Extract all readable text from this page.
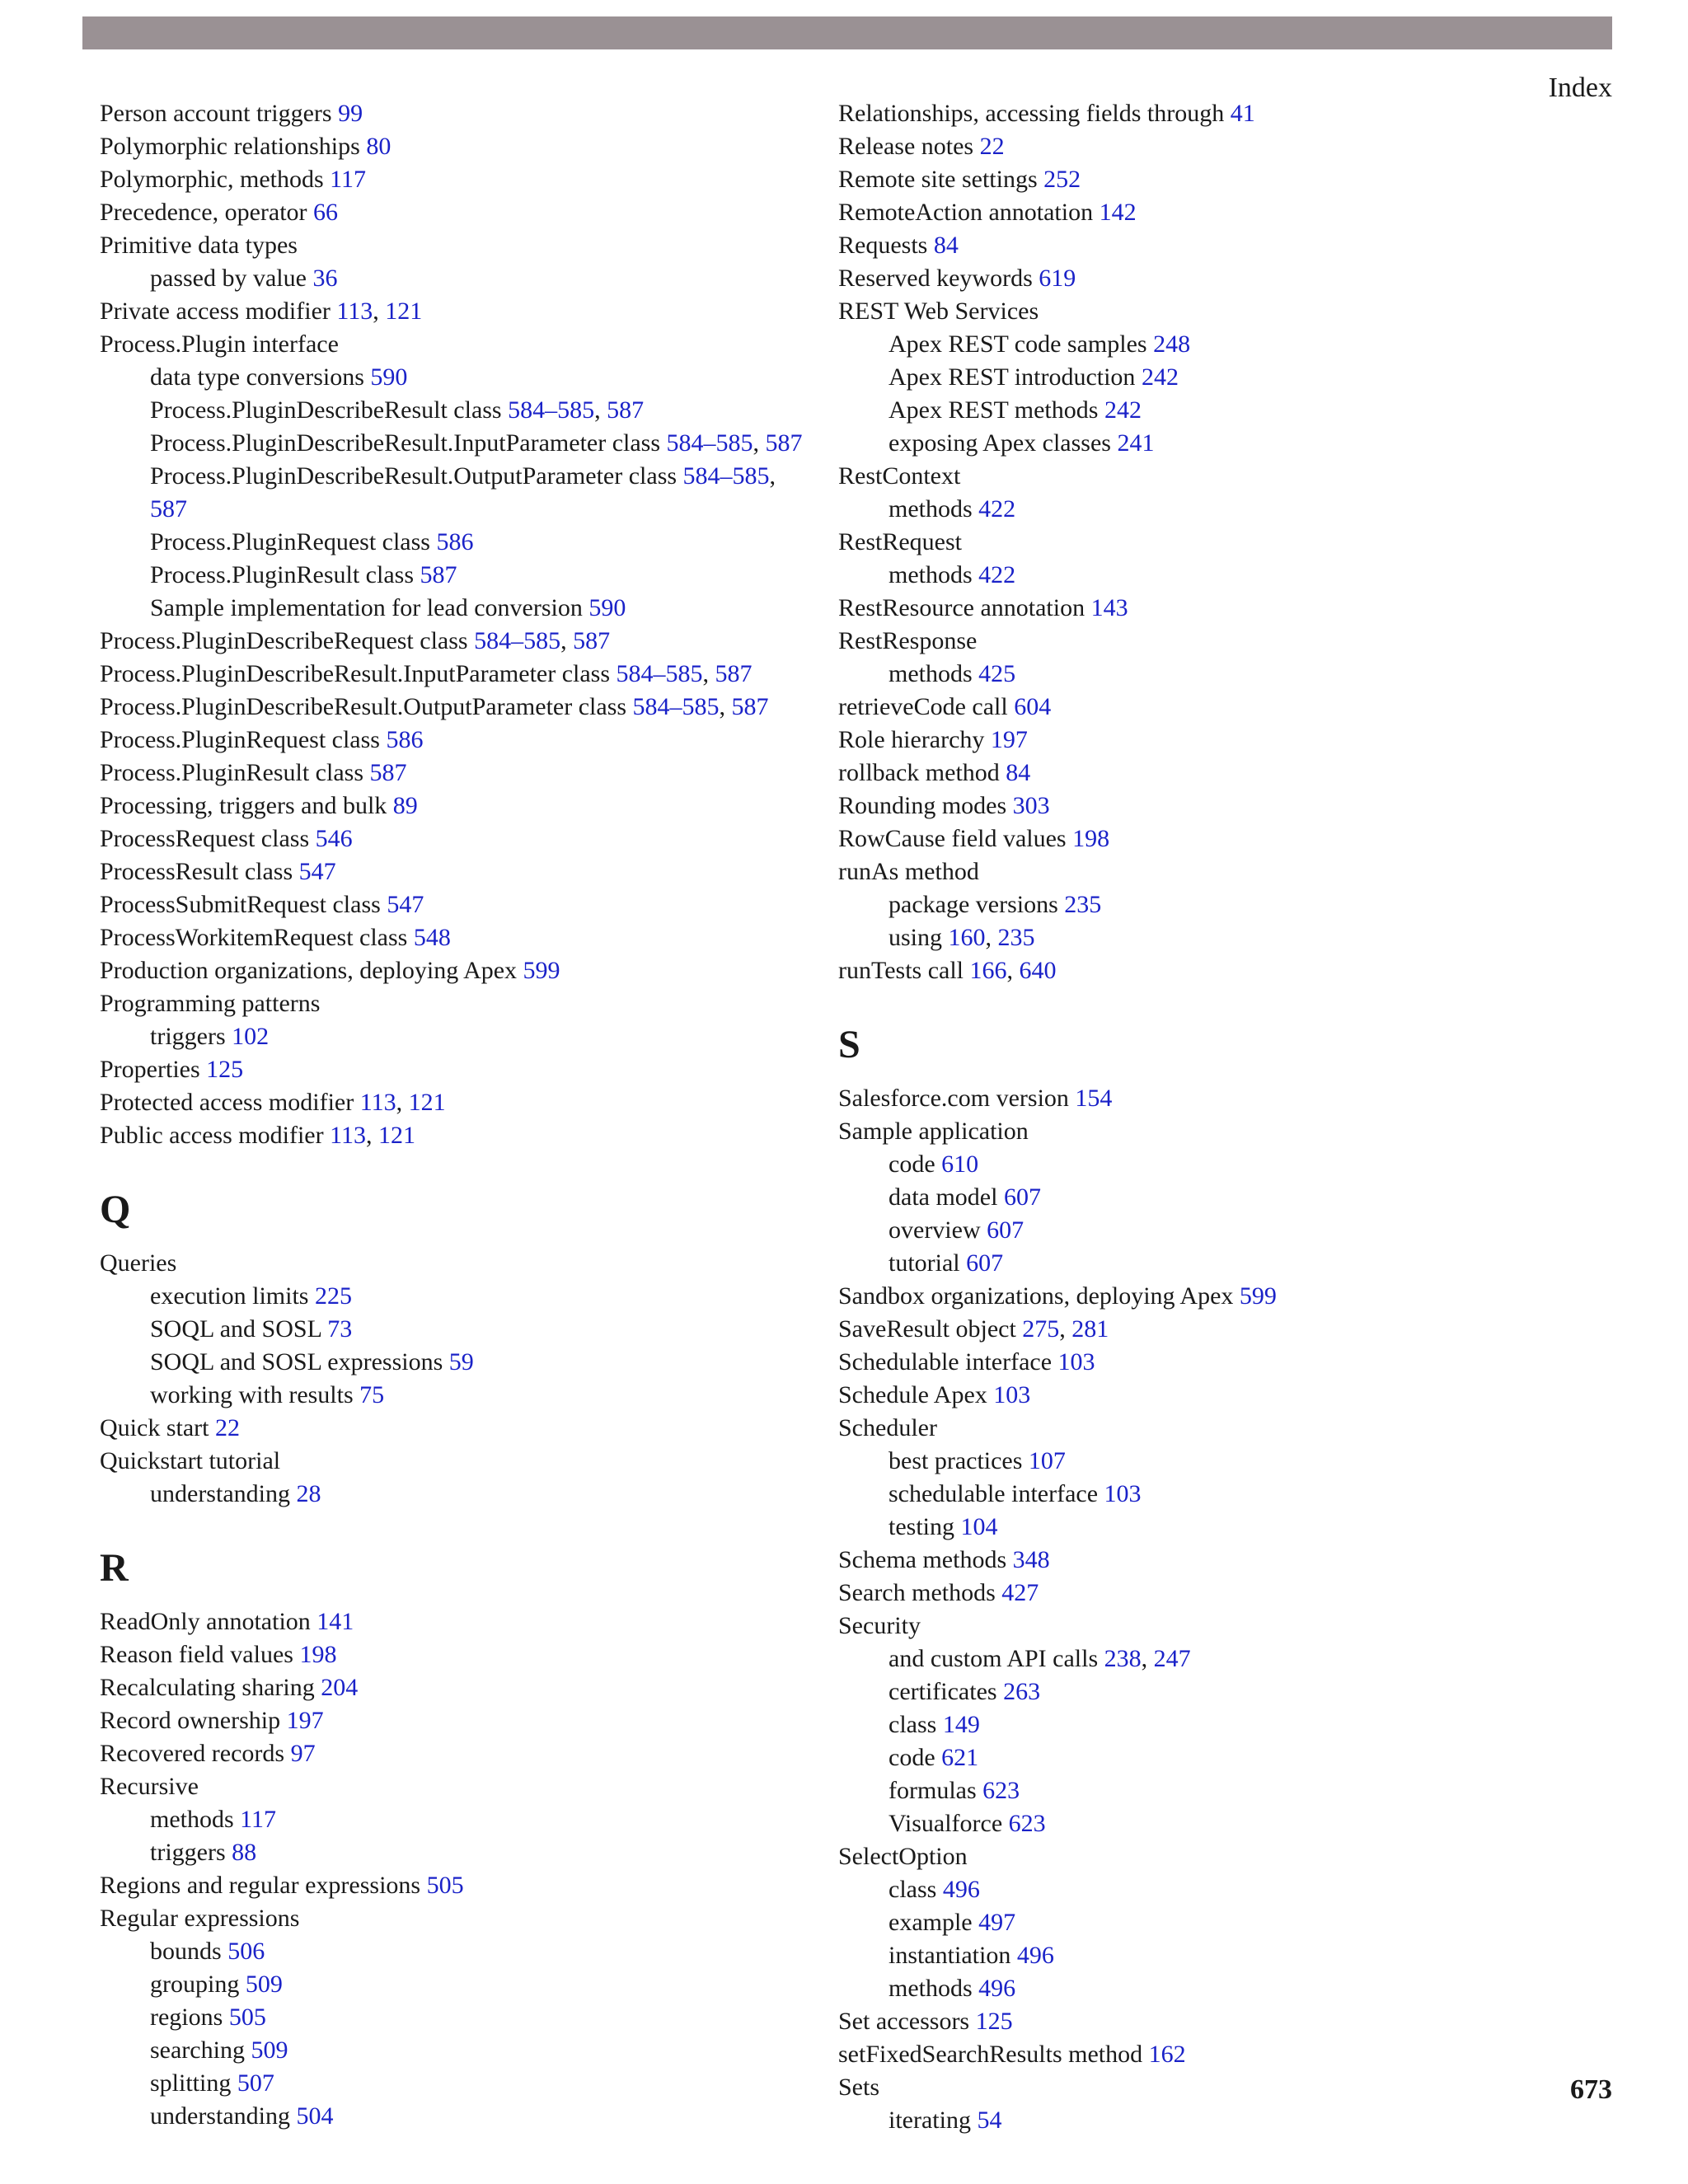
Index
Person account triggers 99
Polymorphic relationships 80
Polymorphic, methods 117
Precedence, operator 66
Primitive data types
passed by value 36
Private access modifier 113, 121
Process.Plugin interface
data type conversions 590
Process.PluginDescribeResult class 584–585, 587
Process.PluginDescribeResult.InputParameter class 584–585, 587
Process.PluginDescribeResult.OutputParameter class 584–585, 587
Process.PluginRequest class 586
Process.PluginResult class 587
Sample implementation for lead conversion 590
Process.PluginDescribeRequest class 584–585, 587
Process.PluginDescribeResult.InputParameter class 584–585, 587
Process.PluginDescribeResult.OutputParameter class 584–585, 587
Process.PluginRequest class 586
Process.PluginResult class 587
Processing, triggers and bulk 89
ProcessRequest class 546
ProcessResult class 547
ProcessSubmitRequest class 547
ProcessWorkitemRequest class 548
Production organizations, deploying Apex 599
Programming patterns
triggers 102
Properties 125
Protected access modifier 113, 121
Public access modifier 113, 121
Q
Queries
execution limits 225
SOQL and SOSL 73
SOQL and SOSL expressions 59
working with results 75
Quick start 22
Quickstart tutorial
understanding 28
R
ReadOnly annotation 141
Reason field values 198
Recalculating sharing 204
Record ownership 197
Recovered records 97
Recursive
methods 117
triggers 88
Regions and regular expressions 505
Regular expressions
bounds 506
grouping 509
regions 505
searching 509
splitting 507
understanding 504
Relationships, accessing fields through 41
Release notes 22
Remote site settings 252
RemoteAction annotation 142
Requests 84
Reserved keywords 619
REST Web Services
Apex REST code samples 248
Apex REST introduction 242
Apex REST methods 242
exposing Apex classes 241
RestContext
methods 422
RestRequest
methods 422
RestResource annotation 143
RestResponse
methods 425
retrieveCode call 604
Role hierarchy 197
rollback method 84
Rounding modes 303
RowCause field values 198
runAs method
package versions 235
using 160, 235
runTests call 166, 640
S
Salesforce.com version 154
Sample application
code 610
data model 607
overview 607
tutorial 607
Sandbox organizations, deploying Apex 599
SaveResult object 275, 281
Schedulable interface 103
Schedule Apex 103
Scheduler
best practices 107
schedulable interface 103
testing 104
Schema methods 348
Search methods 427
Security
and custom API calls 238, 247
certificates 263
class 149
code 621
formulas 623
Visualforce 623
SelectOption
class 496
example 497
instantiation 496
methods 496
Set accessors 125
setFixedSearchResults method 162
Sets
iterating 54
673
